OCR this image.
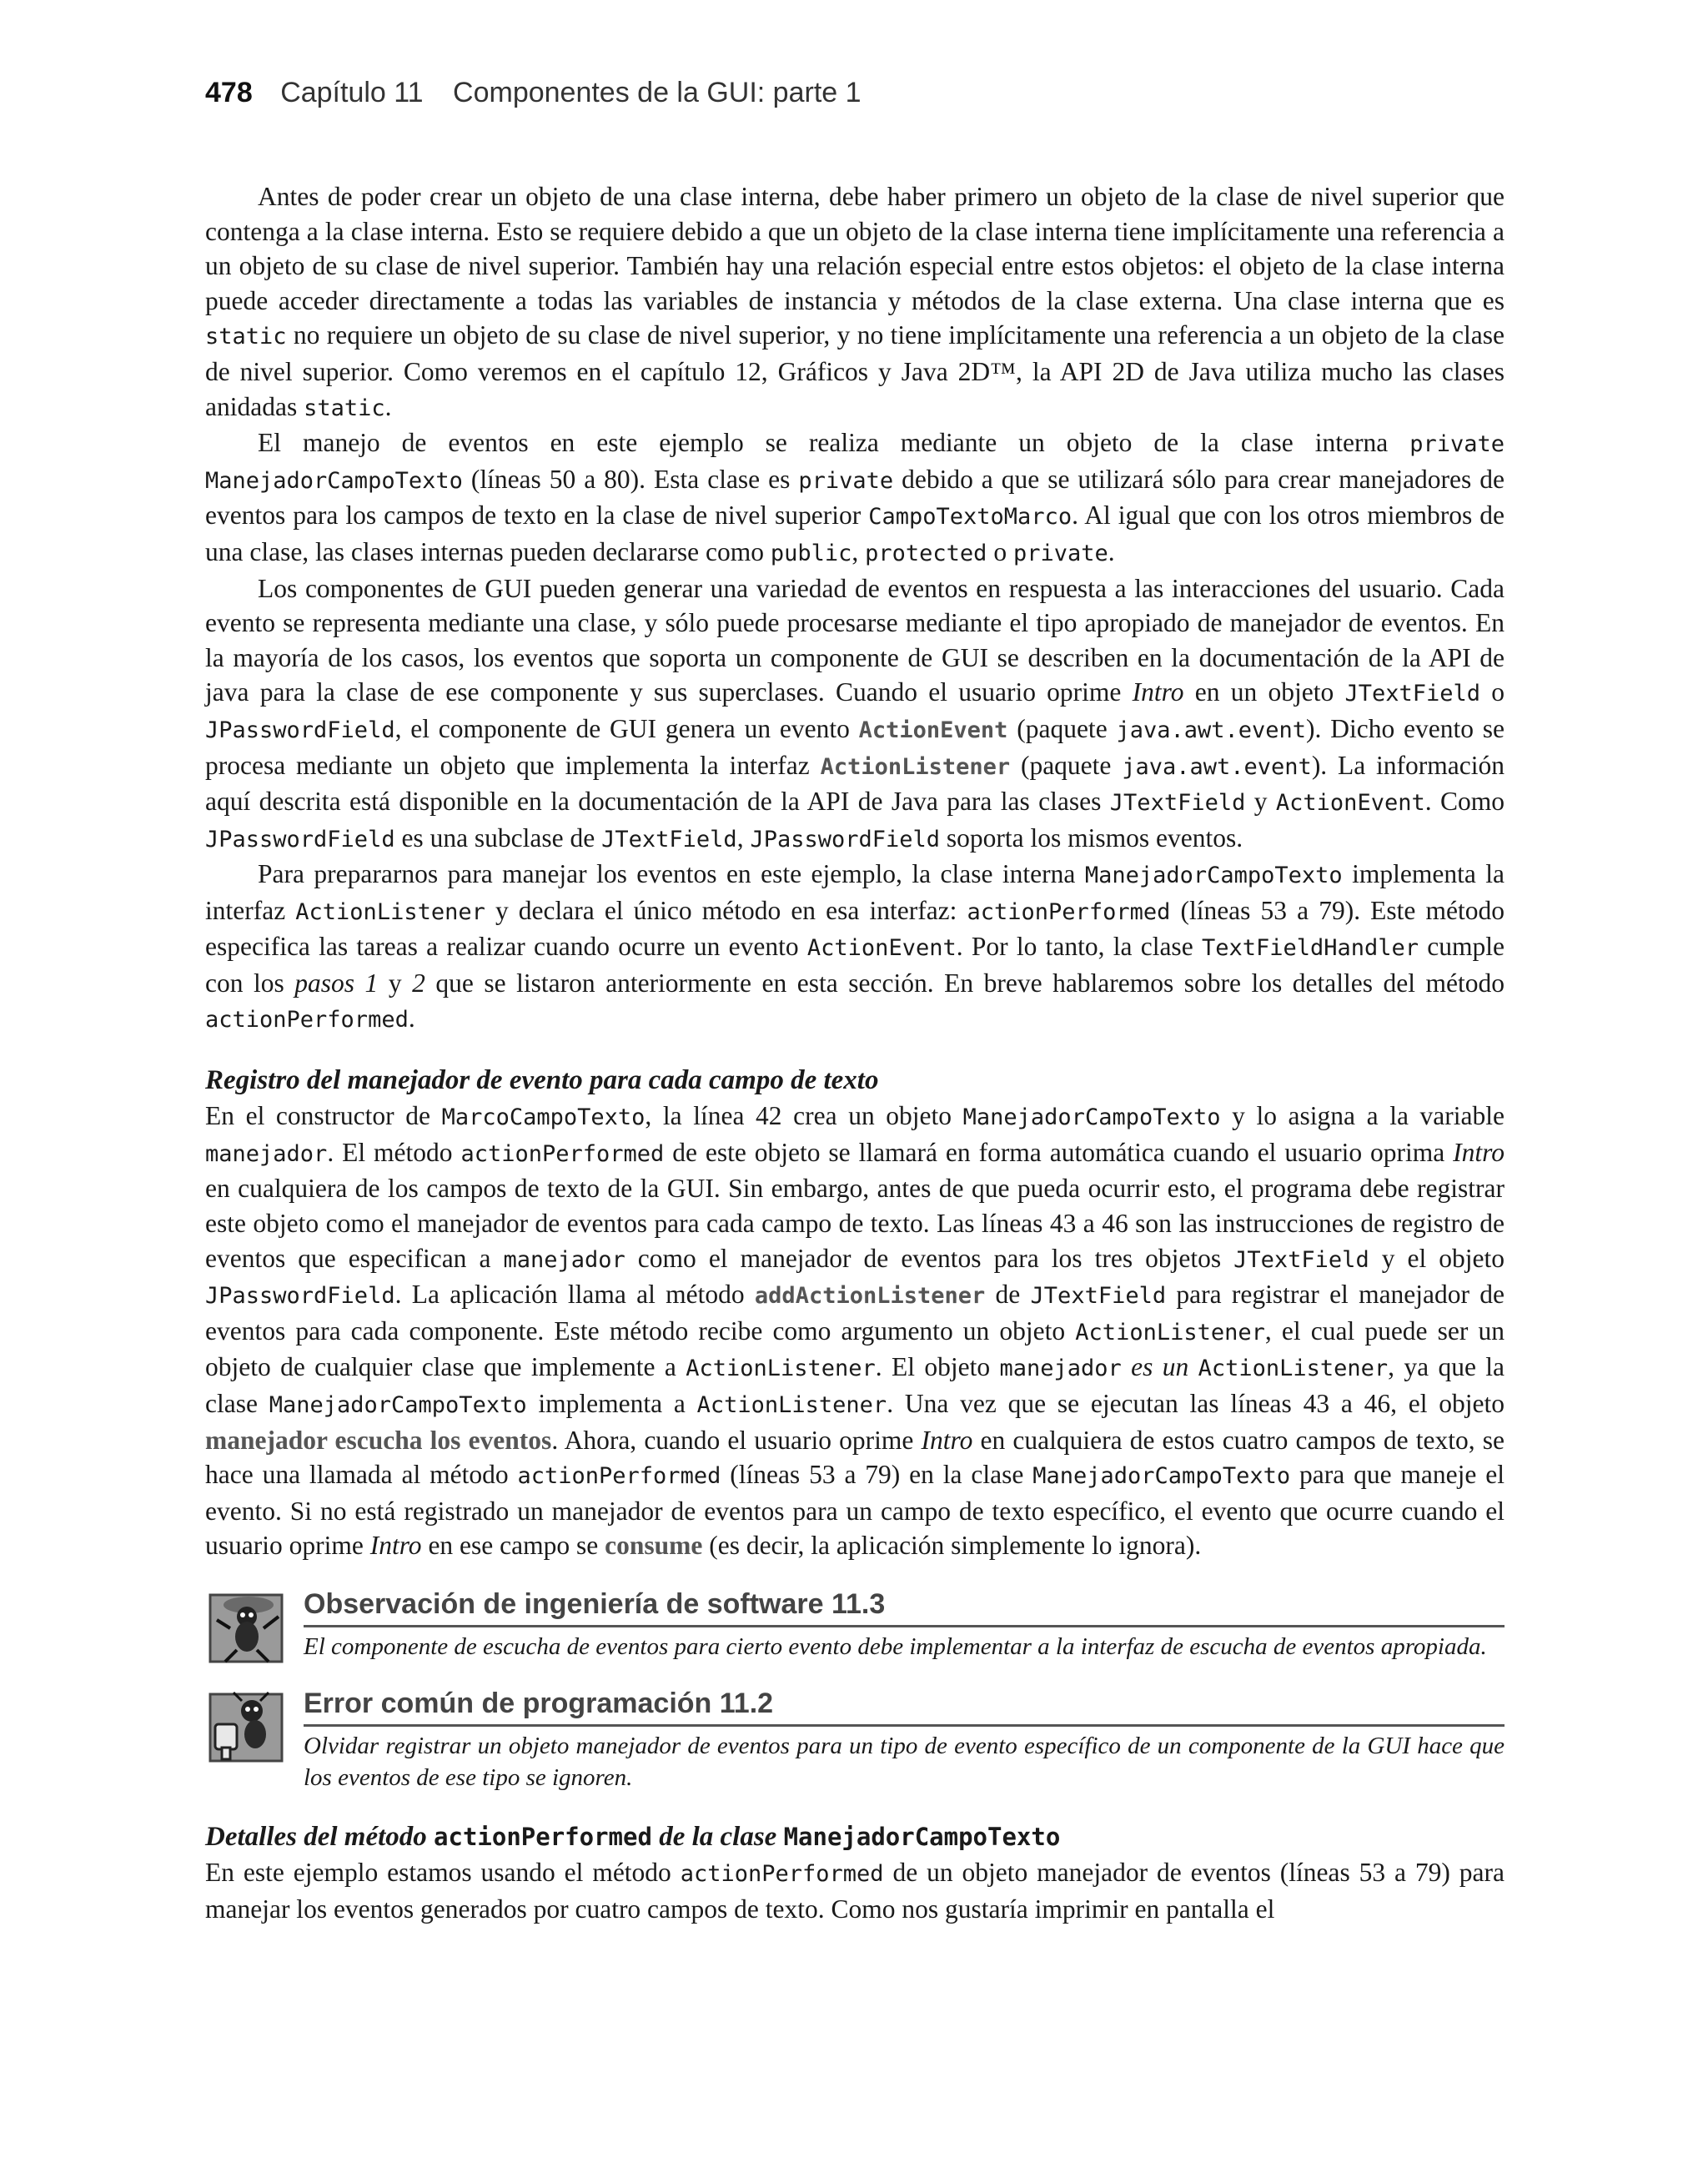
478 Capítulo 11 Componentes de la GUI: parte 1

Antes de poder crear un objeto de una clase interna, debe haber primero un objeto de la clase de nivel superior que contenga a la clase interna. Esto se requiere debido a que un objeto de la clase interna tiene implícitamente una referencia a un objeto de su clase de nivel superior. También hay una relación especial entre estos objetos: el objeto de la clase interna puede acceder directamente a todas las variables de instancia y métodos de la clase externa. Una clase interna que es static no requiere un objeto de su clase de nivel superior, y no tiene implícitamente una referencia a un objeto de la clase de nivel superior. Como veremos en el capítulo 12, Gráficos y Java 2D™, la API 2D de Java utiliza mucho las clases anidadas static.

El manejo de eventos en este ejemplo se realiza mediante un objeto de la clase interna private ManejadorCampoTexto (líneas 50 a 80). Esta clase es private debido a que se utilizará sólo para crear manejadores de eventos para los campos de texto en la clase de nivel superior CampoTextoMarco. Al igual que con los otros miembros de una clase, las clases internas pueden declararse como public, protected o private.

Los componentes de GUI pueden generar una variedad de eventos en respuesta a las interacciones del usuario. Cada evento se representa mediante una clase, y sólo puede procesarse mediante el tipo apropiado de manejador de eventos. En la mayoría de los casos, los eventos que soporta un componente de GUI se describen en la documentación de la API de java para la clase de ese componente y sus superclases. Cuando el usuario oprime Intro en un objeto JTextField o JPasswordField, el componente de GUI genera un evento ActionEvent (paquete java.awt.event). Dicho evento se procesa mediante un objeto que implementa la interfaz ActionListener (paquete java.awt.event). La información aquí descrita está disponible en la documentación de la API de Java para las clases JTextField y ActionEvent. Como JPasswordField es una subclase de JTextField, JPasswordField soporta los mismos eventos.

Para prepararnos para manejar los eventos en este ejemplo, la clase interna ManejadorCampoTexto implementa la interfaz ActionListener y declara el único método en esa interfaz: actionPerformed (líneas 53 a 79). Este método especifica las tareas a realizar cuando ocurre un evento ActionEvent. Por lo tanto, la clase TextFieldHandler cumple con los pasos 1 y 2 que se listaron anteriormente en esta sección. En breve hablaremos sobre los detalles del método actionPerformed.

Registro del manejador de evento para cada campo de texto

En el constructor de MarcoCampoTexto, la línea 42 crea un objeto ManejadorCampoTexto y lo asigna a la variable manejador. El método actionPerformed de este objeto se llamará en forma automática cuando el usuario oprima Intro en cualquiera de los campos de texto de la GUI. Sin embargo, antes de que pueda ocurrir esto, el programa debe registrar este objeto como el manejador de eventos para cada campo de texto. Las líneas 43 a 46 son las instrucciones de registro de eventos que especifican a manejador como el manejador de eventos para los tres objetos JTextField y el objeto JPasswordField. La aplicación llama al método addActionListener de JTextField para registrar el manejador de eventos para cada componente. Este método recibe como argumento un objeto ActionListener, el cual puede ser un objeto de cualquier clase que implemente a ActionListener. El objeto manejador es un ActionListener, ya que la clase ManejadorCampoTexto implementa a ActionListener. Una vez que se ejecutan las líneas 43 a 46, el objeto manejador escucha los eventos. Ahora, cuando el usuario oprime Intro en cualquiera de estos cuatro campos de texto, se hace una llamada al método actionPerformed (líneas 53 a 79) en la clase ManejadorCampoTexto para que maneje el evento. Si no está registrado un manejador de eventos para un campo de texto específico, el evento que ocurre cuando el usuario oprime Intro en ese campo se consume (es decir, la aplicación simplemente lo ignora).

Observación de ingeniería de software 11.3
El componente de escucha de eventos para cierto evento debe implementar a la interfaz de escucha de eventos apropiada.
Error común de programación 11.2
Olvidar registrar un objeto manejador de eventos para un tipo de evento específico de un componente de la GUI hace que los eventos de ese tipo se ignoren.
Detalles del método actionPerformed de la clase ManejadorCampoTexto

En este ejemplo estamos usando el método actionPerformed de un objeto manejador de eventos (líneas 53 a 79) para manejar los eventos generados por cuatro campos de texto. Como nos gustaría imprimir en pantalla el
